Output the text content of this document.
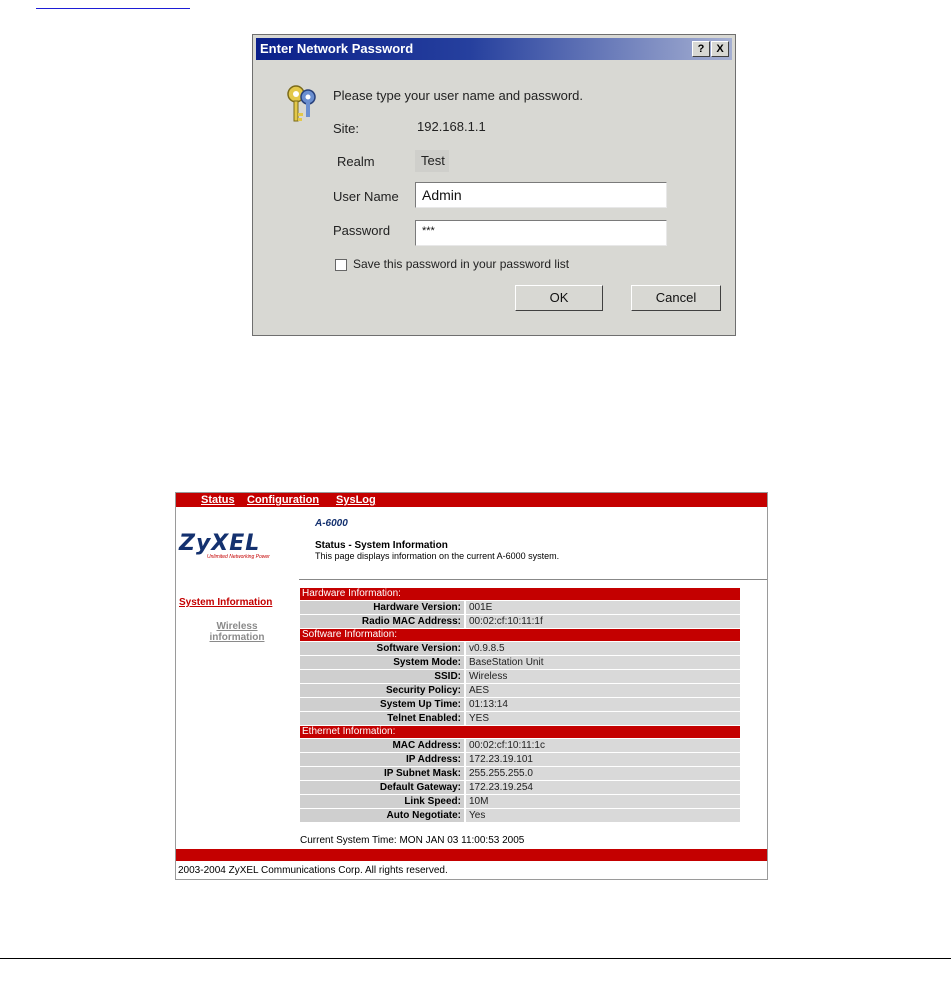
Enter Network Password	?	X
Please type your user name and password.
Site:	192.168.1.1
Realm	Test
User Name	Admin
Password	***
Save this password in your password list
OK	Cancel
Status Configuration SysLog
ZyXEL
Unlimited Networking Power
A-6000
Status - System Information
This page displays information on the current A-6000 system.
System Information
Wireless information
Hardware Information:
Hardware Version: 001E
Radio MAC Address: 00:02:cf:10:11:1f
Software Information:
Software Version: v0.9.8.5
System Mode: BaseStation Unit
SSID: Wireless
Security Policy: AES
System Up Time: 01:13:14
Telnet Enabled: YES
Ethernet Information:
MAC Address: 00:02:cf:10:11:1c
IP Address: 172.23.19.101
IP Subnet Mask: 255.255.255.0
Default Gateway: 172.23.19.254
Link Speed: 10M
Auto Negotiate: Yes
Current System Time: MON JAN 03 11:00:53 2005
2003-2004 ZyXEL Communications Corp. All rights reserved.
